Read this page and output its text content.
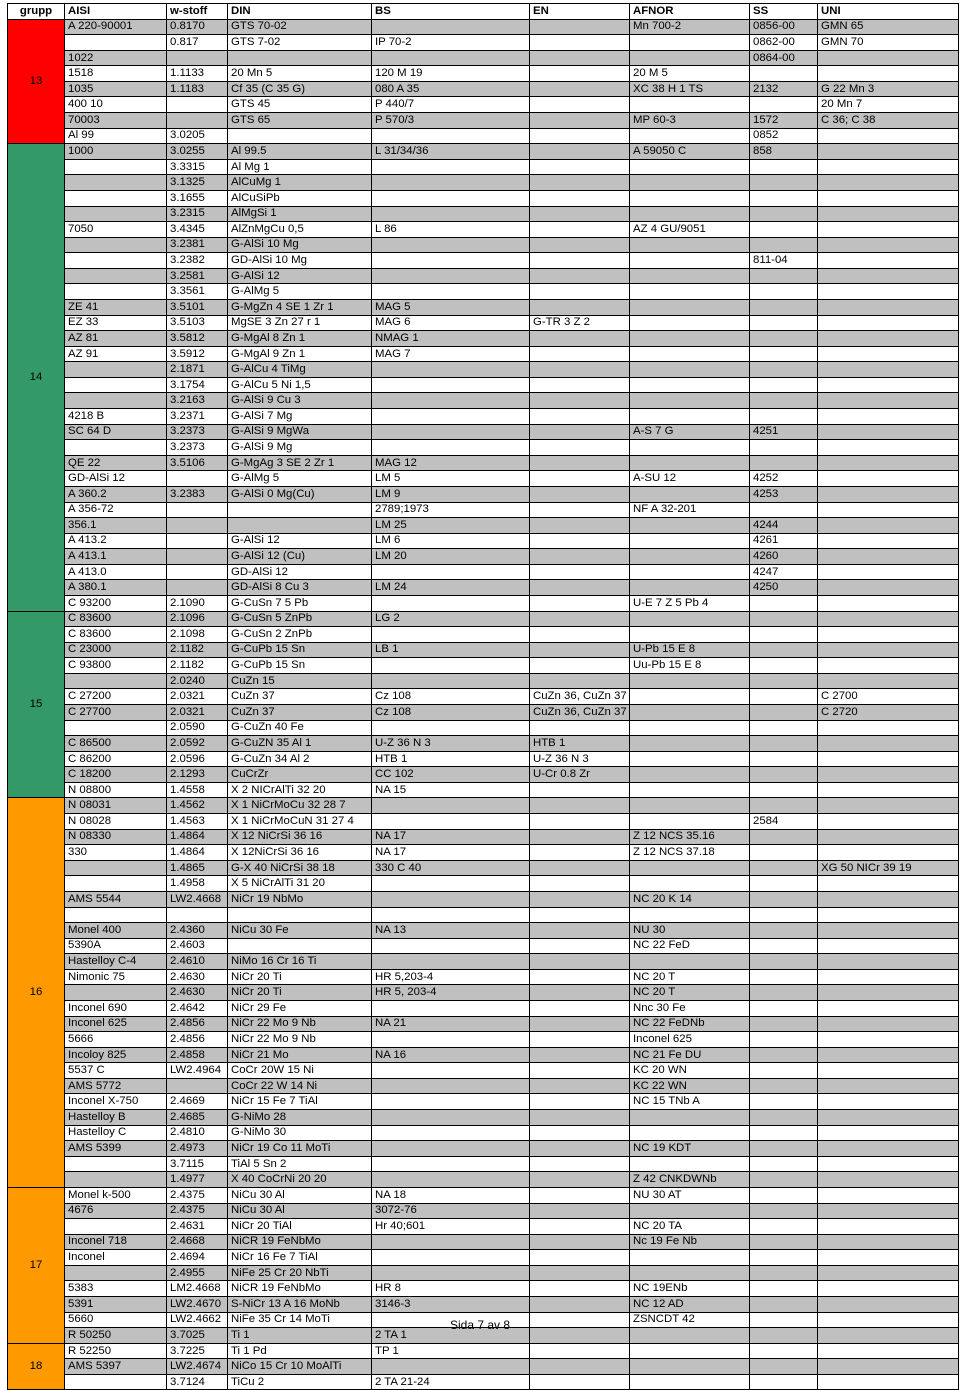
grupp	AISI	w-stoff	DIN	BS	EN	AFNOR	SS	UNI
13	A 220-90001	0.8170	GTS 70-02			Mn 700-2	0856-00	GMN 65
		0.817	GTS 7-02	IP 70-2			0862-00	GMN 70
	1022						0864-00	
	1518	1.1133	20 Mn 5	120 M 19		20 M 5		
	1035	1.1183	Cf 35 (C 35 G)	080 A 35		XC 38 H 1 TS	2132	G 22 Mn 3
	400 10		GTS 45	P 440/7				20 Mn 7
	70003		GTS 65	P 570/3		MP 60-3	1572	C 36; C 38
	Al 99	3.0205					0852	
14	1000	3.0255	Al 99.5	L 31/34/36		A 59050 C	858	
		3.3315	Al Mg 1					
		3.1325	AlCuMg 1					
		3.1655	AlCuSiPb					
		3.2315	AlMgSi 1					
	7050	3.4345	AlZnMgCu 0,5	L 86		AZ 4 GU/9051		
		3.2381	G-AlSi 10 Mg					
		3.2382	GD-AlSi 10 Mg				811-04	
		3.2581	G-AlSi 12					
		3.3561	G-AlMg 5					
	ZE 41	3.5101	G-MgZn 4 SE 1 Zr 1	MAG 5				
	EZ 33	3.5103	MgSE 3 Zn 27 r 1	MAG 6	G-TR 3 Z 2			
	AZ 81	3.5812	G-MgAl 8 Zn 1	NMAG 1				
	AZ 91	3.5912	G-MgAl 9 Zn 1	MAG 7				
		2.1871	G-AlCu 4 TiMg					
		3.1754	G-AlCu 5 Ni 1,5					
		3.2163	G-AlSi 9 Cu 3					
	4218 B	3.2371	G-AlSi 7 Mg					
	SC 64 D	3.2373	G-AlSi 9 MgWa			A-S 7 G	4251	
		3.2373	G-AlSi 9 Mg					
	QE 22	3.5106	G-MgAg 3 SE 2 Zr 1	MAG 12				
	GD-AlSi 12		G-AlMg 5	LM 5		A-SU 12	4252	
	A 360.2	3.2383	G-AlSi 0 Mg(Cu)	LM 9			4253	
	A 356-72			2789;1973		NF A 32-201		
	356.1			LM 25			4244	
	A 413.2		G-AlSi 12	LM 6			4261	
	A 413.1		G-AlSi 12 (Cu)	LM 20			4260	
	A 413.0		GD-AlSi 12				4247	
	A 380.1		GD-AlSi 8 Cu 3	LM 24			4250	
	C 93200	2.1090	G-CuSn 7 5 Pb			U-E 7 Z 5 Pb 4		
15	C 83600	2.1096	G-CuSn 5 ZnPb	LG 2				
	C 83600	2.1098	G-CuSn 2 ZnPb					
	C 23000	2.1182	G-CuPb 15 Sn	LB 1		U-Pb 15 E 8		
	C 93800	2.1182	G-CuPb 15 Sn			Uu-Pb 15 E 8		
		2.0240	CuZn 15					
	C 27200	2.0321	CuZn 37	Cz 108	CuZn 36, CuZn 37			C 2700
	C 27700	2.0321	CuZn 37	Cz 108	CuZn 36, CuZn 37			C 2720
		2.0590	G-CuZn 40 Fe					
	C 86500	2.0592	G-CuZN 35 Al 1	U-Z 36 N 3	HTB 1			
	C 86200	2.0596	G-CuZn 34 Al 2	HTB 1	U-Z 36 N 3			
	C 18200	2.1293	CuCrZr	CC 102	U-Cr 0.8 Zr			
	N 08800	1.4558	X 2 NICrAlTi 32 20	NA 15				
16	N 08031	1.4562	X 1 NiCrMoCu 32 28 7					
	N 08028	1.4563	X 1 NiCrMoCuN 31 27 4				2584	
	N 08330	1.4864	X 12 NiCrSi 36 16	NA 17		Z 12 NCS 35.16		
	330	1.4864	X 12NiCrSi 36 16	NA 17		Z 12 NCS 37.18		
		1.4865	G-X 40 NiCrSi 38 18	330 C 40				XG 50 NICr 39 19
		1.4958	X 5 NiCrAlTi 31 20					
	AMS 5544	LW2.4668	NiCr 19 NbMo			NC 20 K 14		

	Monel 400	2.4360	NiCu 30 Fe	NA 13		NU 30		
	5390A	2.4603				NC 22 FeD		
	Hastelloy C-4	2.4610	NiMo 16 Cr 16 Ti					
	Nimonic 75	2.4630	NiCr 20 Ti	HR 5,203-4		NC 20 T		
		2.4630	NiCr 20 Ti	HR 5, 203-4		NC 20 T		
	Inconel 690	2.4642	NiCr 29 Fe			Nnc 30 Fe		
	Inconel 625	2.4856	NiCr 22 Mo 9 Nb	NA 21		NC 22 FeDNb		
	5666	2.4856	NiCr 22 Mo 9 Nb			Inconel 625		
	Incoloy 825	2.4858	NiCr 21 Mo	NA 16		NC 21 Fe DU		
	5537 C	LW2.4964	CoCr 20W 15 Ni			KC 20 WN		
	AMS 5772		CoCr 22 W 14 Ni			KC 22 WN		
	Inconel X-750	2.4669	NiCr 15 Fe 7 TiAl			NC 15 TNb A		
	Hastelloy B	2.4685	G-NiMo 28					
	Hastelloy C	2.4810	G-NiMo 30					
	AMS 5399	2.4973	NiCr 19 Co 11 MoTi			NC 19 KDT		
		3.7115	TiAl 5 Sn 2					
		1.4977	X 40 CoCrNi 20 20			Z 42 CNKDWNb		
17	Monel k-500	2.4375	NiCu 30 Al	NA 18		NU 30 AT		
	4676	2.4375	NiCu 30 Al	3072-76				
		2.4631	NiCr 20 TiAl	Hr 40;601		NC 20 TA		
	Inconel 718	2.4668	NiCR 19 FeNbMo			Nc 19 Fe Nb		
	Inconel	2.4694	NiCr 16 Fe 7 TiAl					
		2.4955	NiFe 25 Cr 20 NbTi					
	5383	LM2.4668	NiCR 19 FeNbMo	HR 8		NC 19ENb		
	5391	LW2.4670	S-NiCr 13 A 16 MoNb	3146-3		NC 12 AD		
	5660	LW2.4662	NiFe 35 Cr 14 MoTi			ZSNCDT 42		
	R 50250	3.7025	Ti 1	2 TA 1				
18	R 52250	3.7225	Ti 1 Pd	TP 1				
	AMS 5397	LW2.4674	NiCo 15 Cr 10 MoAlTi					
		3.7124	TiCu 2	2 TA 21-24				
Sida 7 av 8
